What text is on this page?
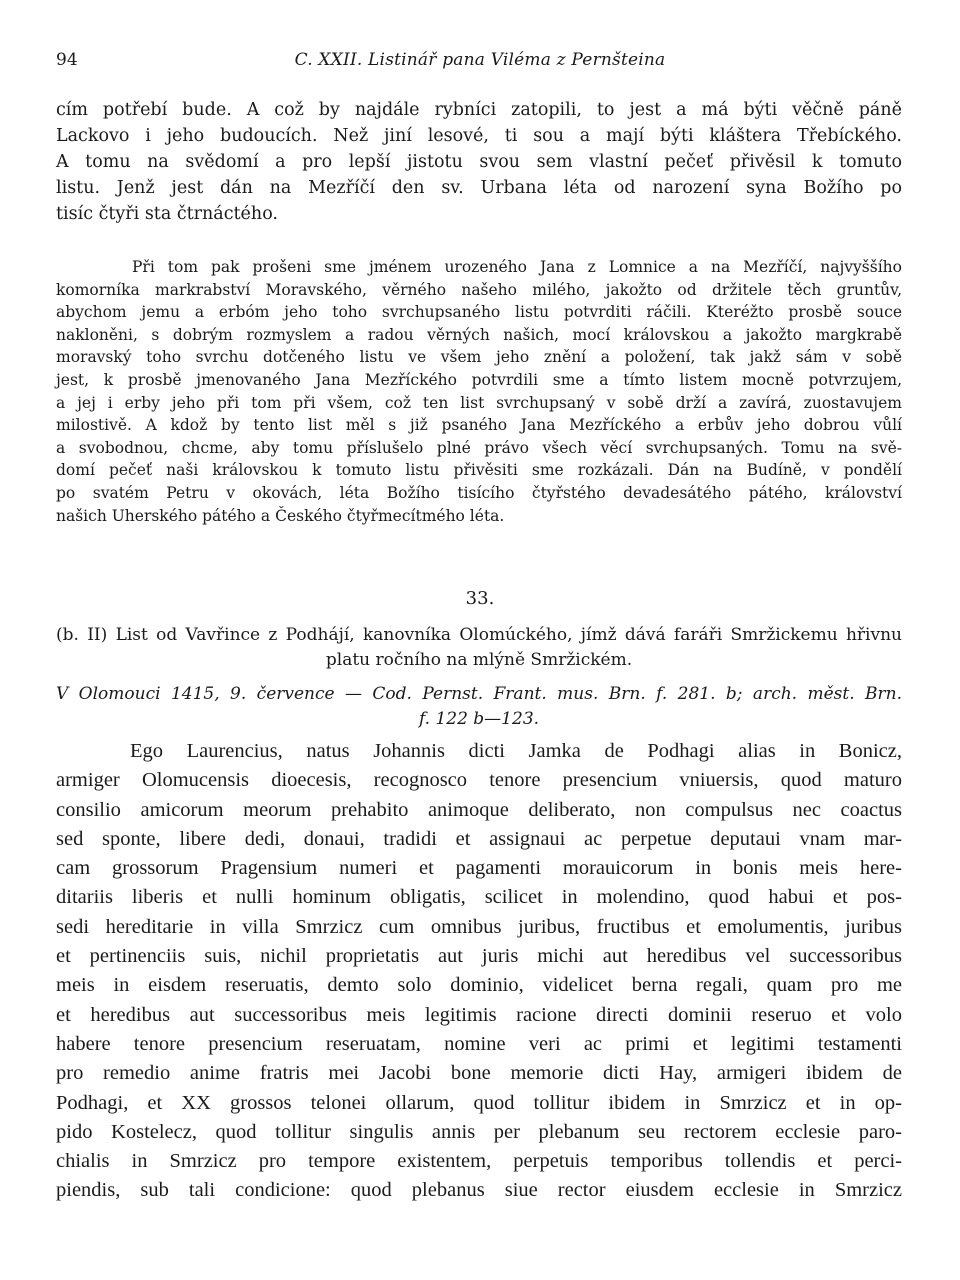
94	C. XXII. Listinář pana Viléma z Pernšteina
cím potřebí bude. A což by najdále rybníci zatopili, to jest a má býti věčně páně
Lackovo i jeho budoucích. Než jiní lesové, ti sou a mají býti kláštera Třebíckého.
A tomu na svědomí a pro lepší jistotu svou sem vlastní pečeť přivěsil k tomuto
listu. Jenž jest dán na Mezříčí den sv. Urbana léta od narození syna Božího po
tisíc čtyři sta čtrnáctého.
Při tom pak prošeni sme jménem urozeného Jana z Lomnice a na Mezříčí, najvyššího
komorníka markrabství Moravského, věrného našeho milého, jakožto od držitele těch gruntův,
abychom jemu a erbóm jeho toho svrchupsaného listu potvrditi ráčili. Kteréžto prosbě souce
nakloněni, s dobrým rozmyslem a radou věrných našich, mocí královskou a jakožto margkrabě
moravský toho svrchu dotčeného listu ve všem jeho znění a položení, tak jakž sám v sobě
jest, k prosbě jmenovaného Jana Mezříckého potvrdili sme a tímto listem mocně potvrzujem,
a jej i erby jeho při tom při všem, což ten list svrchupsaný v sobě drží a zavírá, zuostavujem
milostivě. A kdož by tento list měl s již psaného Jana Mezříckého a erbův jeho dobrou vůlí
a svobodnou, chcme, aby tomu příslušelo plné právo všech věcí svrchupsaných. Tomu na svě-
domí pečeť naši královskou k tomuto listu přivěsiti sme rozkázali. Dán na Budíně, v pondělí
po svatém Petru v okovách, léta Božího tisícího čtyřstého devadesátého pátého, království
našich Uherského pátého a Českého čtyřmecítmého léta.
33.
(b. II) List od Vavřince z Podhájí, kanovníka Olomúckého, jímž dává faráři Smržickemu hřivnu
platu ročního na mlýně Smržickém.
V Olomouci 1415, 9. července — Cod. Pernst. Frant. mus. Brn. f. 281. b; arch. měst. Brn.
f. 122 b—123.
Ego Laurencius, natus Johannis dicti Jamka de Podhagi alias in Bonicz,
armiger Olomucensis dioecesis, recognosco tenore presencium vniuersis, quod maturo
consilio amicorum meorum prehabito animoque deliberato, non compulsus nec coactus
sed sponte, libere dedi, donaui, tradidi et assignaui ac perpetue deputaui vnam mar-
cam grossorum Pragensium numeri et pagamenti morauicorum in bonis meis here-
ditariis liberis et nulli hominum obligatis, scilicet in molendino, quod habui et pos-
sedi hereditarie in villa Smrzicz cum omnibus juribus, fructibus et emolumentis, juribus
et pertinenciis suis, nichil proprietatis aut juris michi aut heredibus vel successoribus
meis in eisdem reseruatis, demto solo dominio, videlicet berna regali, quam pro me
et heredibus aut successoribus meis legitimis racione directi dominii reseruo et volo
habere tenore presencium reseruatam, nomine veri ac primi et legitimi testamenti
pro remedio anime fratris mei Jacobi bone memorie dicti Hay, armigeri ibidem de
Podhagi, et XX grossos telonei ollarum, quod tollitur ibidem in Smrzicz et in op-
pido Kostelecz, quod tollitur singulis annis per plebanum seu rectorem ecclesie paro-
chialis in Smrzicz pro tempore existentem, perpetuis temporibus tollendis et perci-
piendis, sub tali condicione: quod plebanus siue rector eiusdem ecclesie in Smrzicz
